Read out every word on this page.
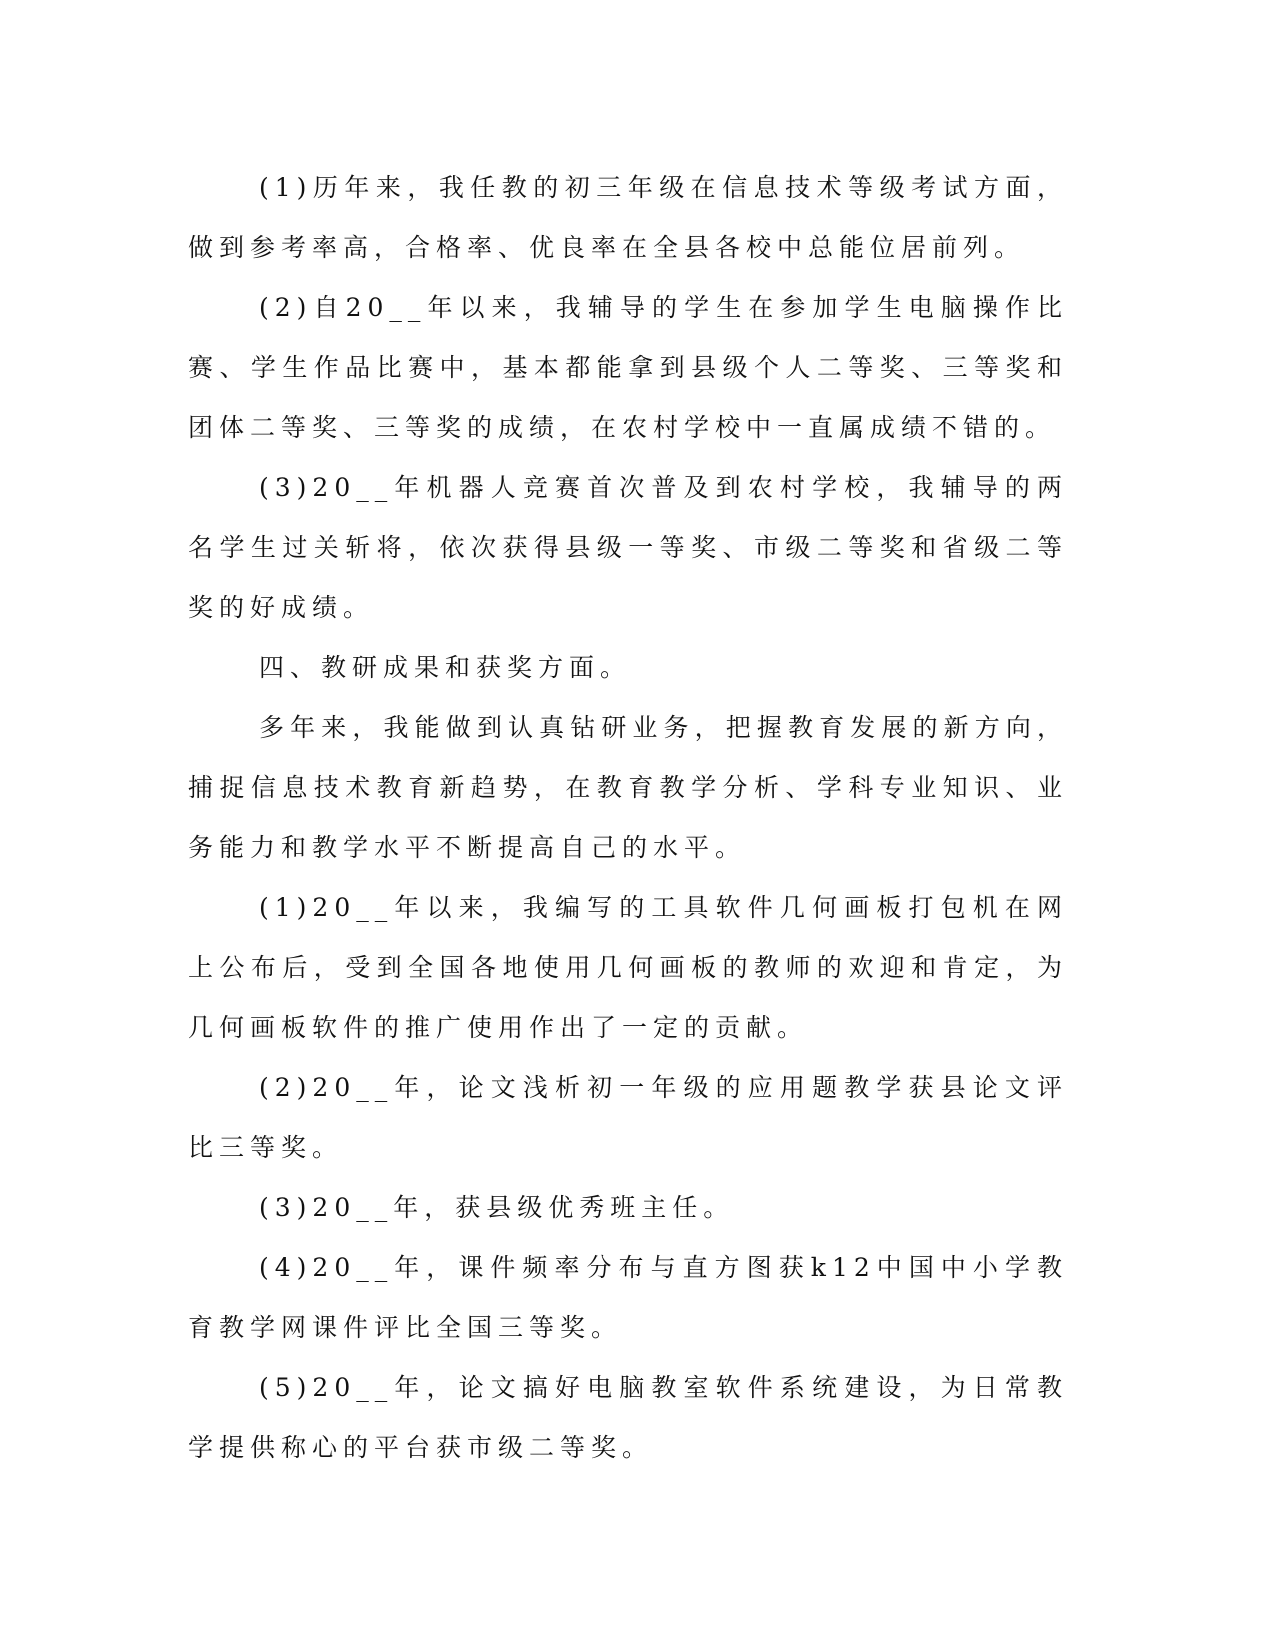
(1)历年来，我任教的初三年级在信息技术等级考试方面，做到参考率高，合格率、优良率在全县各校中总能位居前列。

(2)自20__年以来，我辅导的学生在参加学生电脑操作比赛、学生作品比赛中，基本都能拿到县级个人二等奖、三等奖和团体二等奖、三等奖的成绩，在农村学校中一直属成绩不错的。

(3)20__年机器人竞赛首次普及到农村学校，我辅导的两名学生过关斩将，依次获得县级一等奖、市级二等奖和省级二等奖的好成绩。

四、教研成果和获奖方面。

多年来，我能做到认真钻研业务，把握教育发展的新方向，捕捉信息技术教育新趋势，在教育教学分析、学科专业知识、业务能力和教学水平不断提高自己的水平。

(1)20__年以来，我编写的工具软件几何画板打包机在网上公布后，受到全国各地使用几何画板的教师的欢迎和肯定，为几何画板软件的推广使用作出了一定的贡献。

(2)20__年，论文浅析初一年级的应用题教学获县论文评比三等奖。

(3)20__年，获县级优秀班主任。

(4)20__年，课件频率分布与直方图获k12中国中小学教育教学网课件评比全国三等奖。

(5)20__年，论文搞好电脑教室软件系统建设，为日常教学提供称心的平台获市级二等奖。
